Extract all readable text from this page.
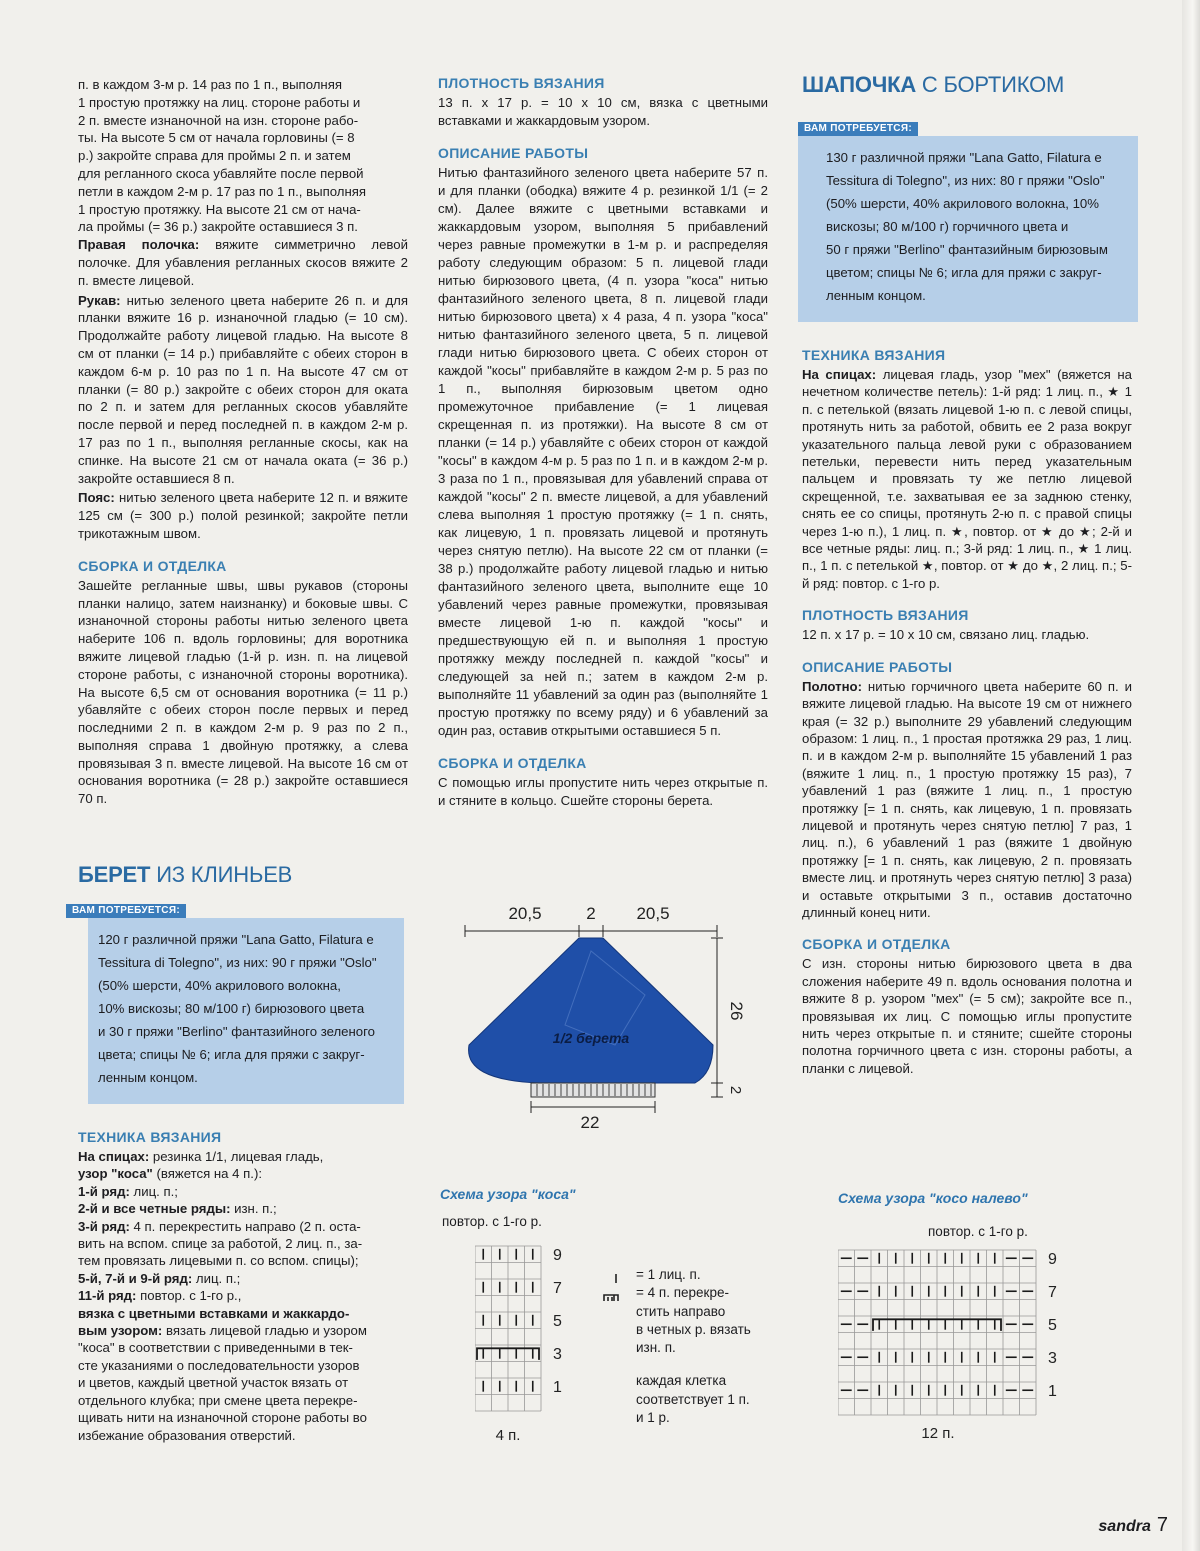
п. в каждом 3-м р. 14 раз по 1 п., выполняя

1 простую протяжку на лиц. стороне работы и

2 п. вместе изнаночной на изн. стороне рабо-

ты. На высоте 5 см от начала горловины (= 8

р.) закройте справа для проймы 2 п. и затем

для регланного скоса убавляйте после первой

петли в каждом 2-м р. 17 раз по 1 п., выполняя

1 простую протяжку. На высоте 21 см от нача-

ла проймы (= 36 р.) закройте оставшиеся 3 п.

Правая полочка: вяжите симметрично левой полочке. Для убавления регланных скосов вяжите 2 п. вместе лицевой.

Рукав: нитью зеленого цвета наберите 26 п. и для планки вяжите 16 р. изнаночной гладью (= 10 см). Продолжайте работу лицевой гладью. На высоте 8 см от планки (= 14 р.) прибавляйте с обеих сторон в каждом 6-м р. 10 раз по 1 п. На высоте 47 см от планки (= 80 р.) закройте с обеих сторон для оката по 2 п. и затем для регланных скосов убавляйте после первой и перед последней п. в каждом 2-м р. 17 раз по 1 п., выполняя регланные скосы, как на спинке. На высоте 21 см от начала оката (= 36 р.) закройте оставшиеся 8 п.

Пояс: нитью зеленого цвета наберите 12 п. и вяжите 125 см (= 300 р.) полой резинкой; закройте петли трикотажным швом.

СБОРКА И ОТДЕЛКА

Зашейте регланные швы, швы рукавов (стороны планки налицо, затем наизнанку) и боковые швы. С изнаночной стороны работы нитью зеленого цвета наберите 106 п. вдоль горловины; для воротника вяжите лицевой гладью (1-й р. изн. п. на лицевой стороне работы, с изнаночной стороны воротника). На высоте 6,5 см от основания воротника (= 11 р.) убавляйте с обеих сторон после первых и перед последними 2 п. в каждом 2-м р. 9 раз по 2 п., выполняя справа 1 двойную протяжку, а слева провязывая 3 п. вместе лицевой. На высоте 16 см от основания воротника (= 28 р.) закройте оставшиеся 70 п.

БЕРЕТ ИЗ КЛИНЬЕВ

120 г различной пряжи "Lana Gatto, Filatura e
Tessitura di Tolegno", из них: 90 г пряжи "Oslo"
(50% шерсти, 40% акрилового волокна,
10% вискозы; 80 м/100 г) бирюзового цвета
и 30 г пряжи "Berlino" фантазийного зеленого
цвета; спицы № 6; игла для пряжи с закруг-
ленным концом.
ВАМ ПОТРЕБУЕТСЯ:
ТЕХНИКА ВЯЗАНИЯ

На спицах: резинка 1/1, лицевая гладь,

узор "коса" (вяжется на 4 п.):

1-й ряд: лиц. п.;

2-й и все четные ряды: изн. п.;

3-й ряд: 4 п. перекрестить направо (2 п. оста-

вить на вспом. спице за работой, 2 лиц. п., за-

тем провязать лицевыми п. со вспом. спицы);

5-й, 7-й и 9-й ряд: лиц. п.;

11-й ряд: повтор. с 1-го р.,

вязка с цветными вставками и жаккардо-

вым узором: вязать лицевой гладью и узором

"коса" в соответствии с приведенными в тек-

сте указаниями о последовательности узоров

и цветов, каждый цветной участок вязать от

отдельного клубка; при смене цвета перекре-

щивать нити на изнаночной стороне работы во

избежание образования отверстий.

ПЛОТНОСТЬ ВЯЗАНИЯ

13 п. x 17 р. = 10 x 10 см, вязка с цветными вставками и жаккардовым узором.

ОПИСАНИЕ РАБОТЫ

Нитью фантазийного зеленого цвета наберите 57 п. и для планки (ободка) вяжите 4 р. резинкой 1/1 (= 2 см). Далее вяжите с цветными вставками и жаккардовым узором, выполняя 5 прибавлений через равные промежутки в 1-м р. и распределяя работу следующим образом: 5 п. лицевой глади нитью бирюзового цвета, (4 п. узора "коса" нитью фантазийного зеленого цвета, 8 п. лицевой глади нитью бирюзового цвета) x 4 раза, 4 п. узора "коса" нитью фантазийного зеленого цвета, 5 п. лицевой глади нитью бирюзового цвета. С обеих сторон от каждой "косы" прибавляйте в каждом 2-м р. 5 раз по 1 п., выполняя бирюзовым цветом одно промежуточное прибавление (= 1 лицевая скрещенная п. из протяжки). На высоте 8 см от планки (= 14 р.) убавляйте с обеих сторон от каждой "косы" в каждом 4-м р. 5 раз по 1 п. и в каждом 2-м р. 3 раза по 1 п., провязывая для убавлений справа от каждой "косы" 2 п. вместе лицевой, а для убавлений слева выполняя 1 простую протяжку (= 1 п. снять, как лицевую, 1 п. провязать лицевой и протянуть через снятую петлю). На высоте 22 см от планки (= 38 р.) продолжайте работу лицевой гладью и нитью фантазийного зеленого цвета, выполните еще 10 убавлений через равные промежутки, провязывая вместе лицевой 1-ю п. каждой "косы" и предшествующую ей п. и выполняя 1 простую протяжку между последней п. каждой "косы" и следующей за ней п.; затем в каждом 2-м р. выполняйте 11 убавлений за один раз (выполняйте 1 простую протяжку по всему ряду) и 6 убавлений за один раз, оставив открытыми оставшиеся 5 п.

СБОРКА И ОТДЕЛКА

С помощью иглы пропустите нить через открытые п. и стяните в кольцо. Сшейте стороны берета.

20,5	2 20,5
1/2 берета
22
26
2
Схема узора "коса"
повтор. с 1-го р.
9
7
5
3
1
4 п.
= 1 лиц. п.
= 4 п. перекре-
стить направо
в четных р. вязать
изн. п.
каждая клетка
соответствует 1 п.
и 1 р.

ШАПОЧКА С БОРТИКОМ

130 г различной пряжи "Lana Gatto, Filatura e
Tessitura di Tolegno", из них: 80 г пряжи "Oslo"
(50% шерсти, 40% акрилового волокна, 10%
вискозы; 80 м/100 г) горчичного цвета и
50 г пряжи "Berlino" фантазийным бирюзовым
цветом; спицы № 6; игла для пряжи с закруг-
ленным концом.
ВАМ ПОТРЕБУЕТСЯ:
ТЕХНИКА ВЯЗАНИЯ

На спицах: лицевая гладь, узор "мех" (вяжется на нечетном количестве петель): 1-й ряд: 1 лиц. п., ★ 1 п. с петелькой (вязать лицевой 1-ю п. с левой спицы, протянуть нить за работой, обвить ее 2 раза вокруг указательного пальца левой руки с образованием петельки, перевести нить перед указательным пальцем и провязать ту же петлю лицевой скрещенной, т.е. захватывая ее за заднюю стенку, снять ее со спицы, протянуть 2-ю п. с правой спицы через 1-ю п.), 1 лиц. п. ★, повтор. от ★ до ★; 2-й и все четные ряды: лиц. п.; 3-й ряд: 1 лиц. п., ★ 1 лиц. п., 1 п. с петелькой ★, повтор. от ★ до ★, 2 лиц. п.; 5-й ряд: повтор. с 1-го р.

ПЛОТНОСТЬ ВЯЗАНИЯ

12 п. x 17 р. = 10 x 10 см, связано лиц. гладью.

ОПИСАНИЕ РАБОТЫ

Полотно: нитью горчичного цвета наберите 60 п. и вяжите лицевой гладью. На высоте 19 см от нижнего края (= 32 р.) выполните 29 убавлений следующим образом: 1 лиц. п., 1 простая протяжка 29 раз, 1 лиц. п. и в каждом 2-м р. выполняйте 15 убавлений 1 раз (вяжите 1 лиц. п., 1 простую протяжку 15 раз), 7 убавлений 1 раз (вяжите 1 лиц. п., 1 простую протяжку [= 1 п. снять, как лицевую, 1 п. провязать лицевой и протянуть через снятую петлю] 7 раз, 1 лиц. п.), 6 убавлений 1 раз (вяжите 1 двойную протяжку [= 1 п. снять, как лицевую, 2 п. провязать вместе лиц. и протянуть через снятую петлю] 3 раза) и оставьте открытыми 3 п., оставив достаточно длинный конец нити.

СБОРКА И ОТДЕЛКА

С изн. стороны нитью бирюзового цвета в два сложения наберите 49 п. вдоль основания полотна и вяжите 8 р. узором "мех" (= 5 см); закройте все п., провязывая их лиц. С помощью иглы пропустите нить через открытые п. и стяните; сшейте стороны полотна горчичного цвета с изн. стороны работы, а планки с лицевой.

Схема узора "косо налево"
повтор. с 1-го р.
9
7
5
3
1
12 п.
sandra 7
